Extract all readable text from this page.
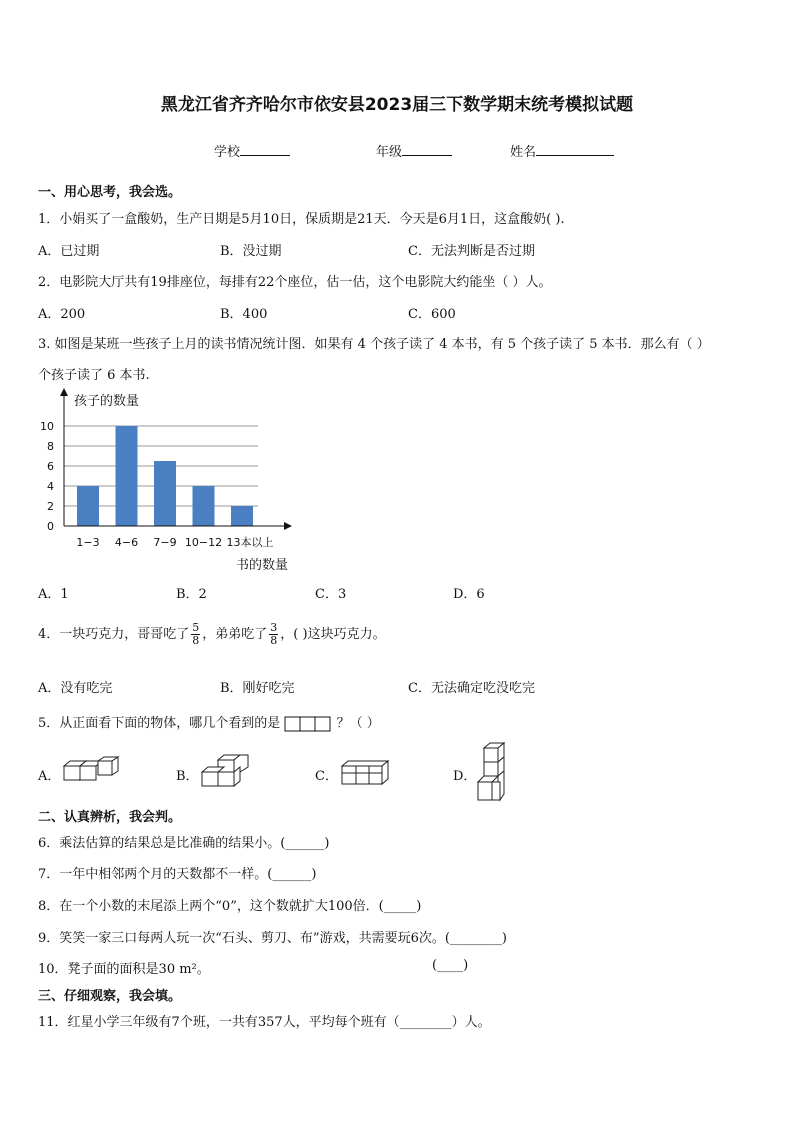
黑龙江省齐齐哈尔市依安县2023届三下数学期末统考模拟试题
学校	年级	姓名
一、用心思考，我会选。
1．小娟买了一盒酸奶，生产日期是5月10日，保质期是21天．今天是6月1日，这盒酸奶( ).
A．已过期	B．没过期	C．无法判断是否过期
2．电影院大厅共有19排座位，每排有22个座位，估一估，这个电影院大约能坐（ ）人。
A．200	B．400	C．600
3. 如图是某班一些孩子上月的读书情况统计图．如果有 4 个孩子读了 4 本书，有 5 个孩子读了 5 本书．那么有（ ）
个孩子读了 6 本书.
0
2
4
6
8
10
1−3 4−6 7−9 10−12 13本以上
孩子的数量
书的数量
A．1	B．2	C．3	D．6
4．一块巧克力，哥哥吃了 $\frac{5}{8}$ ，弟弟吃了 $\frac{3}{8}$ ，( )这块巧克力。
A．没有吃完	B．刚好吃完	C．无法确定吃没吃完
5．从正面看下面的物体，哪几个看到的是	？（ ）
A．	B．	C．	D．
二、认真辨析，我会判。
6．乘法估算的结果总是比准确的结果小。(______)
7．一年中相邻两个月的天数都不一样。(______)
8．在一个小数的末尾添上两个“0”，这个数就扩大100倍．(_____)
9．笑笑一家三口每两人玩一次“石头、剪刀、布”游戏，共需要玩6次。(________)
10．凳子面的面积是30 m²。	(____)
三、仔细观察，我会填。
11．红星小学三年级有7个班，一共有357人，平均每个班有（________）人。
